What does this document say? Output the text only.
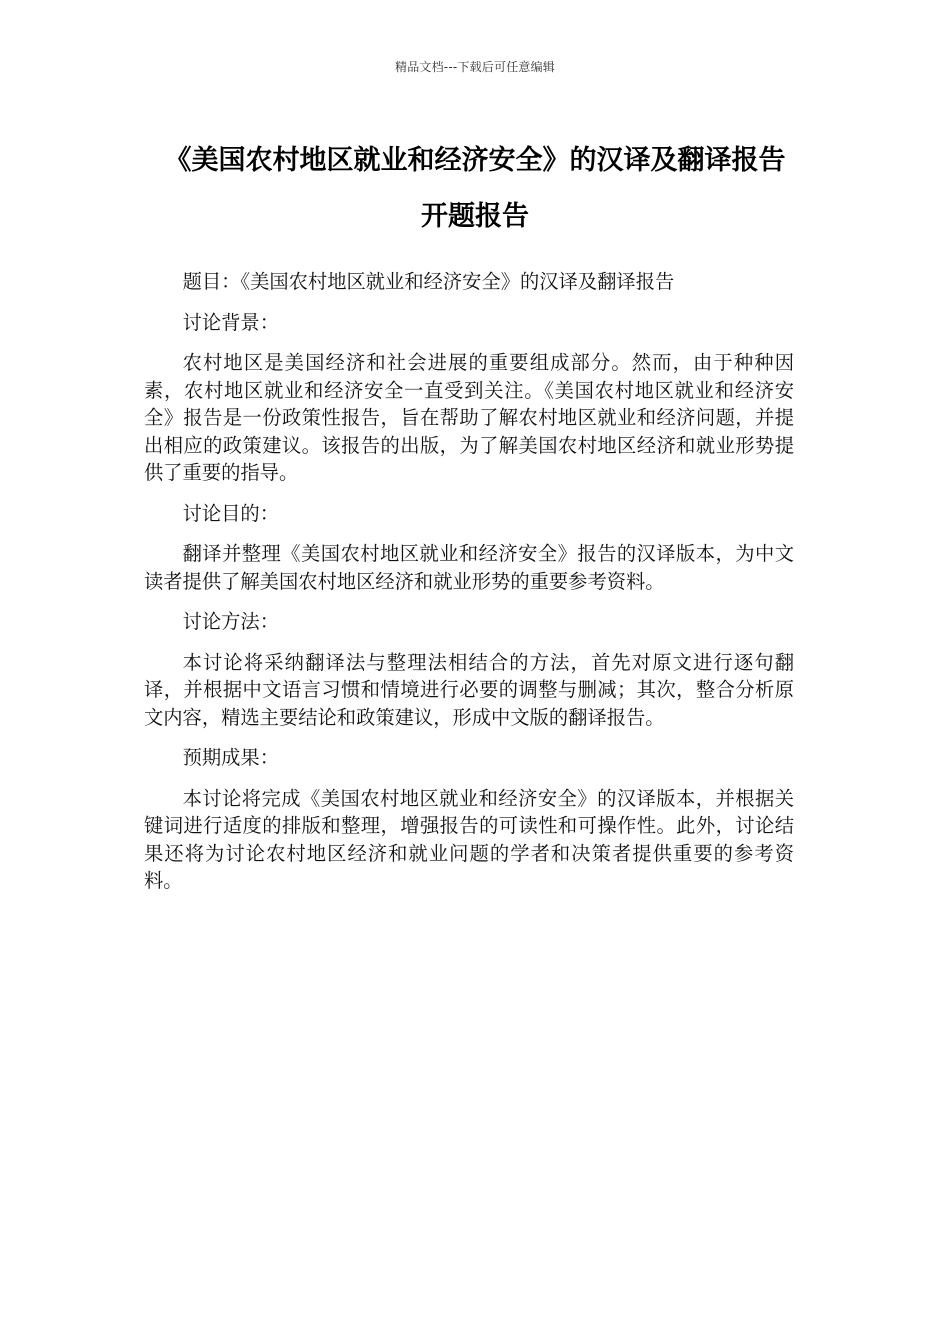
精品文档---下载后可任意编辑
《美国农村地区就业和经济安全》的汉译及翻译报告
开题报告

题目：《美国农村地区就业和经济安全》的汉译及翻译报告

讨论背景：

农村地区是美国经济和社会进展的重要组成部分。然而，由于种种因素，农村地区就业和经济安全一直受到关注。《美国农村地区就业和经济安全》报告是一份政策性报告，旨在帮助了解农村地区就业和经济问题，并提出相应的政策建议。该报告的出版，为了解美国农村地区经济和就业形势提供了重要的指导。

讨论目的：

翻译并整理《美国农村地区就业和经济安全》报告的汉译版本，为中文读者提供了解美国农村地区经济和就业形势的重要参考资料。

讨论方法：

本讨论将采纳翻译法与整理法相结合的方法，首先对原文进行逐句翻译，并根据中文语言习惯和情境进行必要的调整与删减；其次，整合分析原文内容，精选主要结论和政策建议，形成中文版的翻译报告。

预期成果：

本讨论将完成《美国农村地区就业和经济安全》的汉译版本，并根据关键词进行适度的排版和整理，增强报告的可读性和可操作性。此外，讨论结果还将为讨论农村地区经济和就业问题的学者和决策者提供重要的参考资料。
